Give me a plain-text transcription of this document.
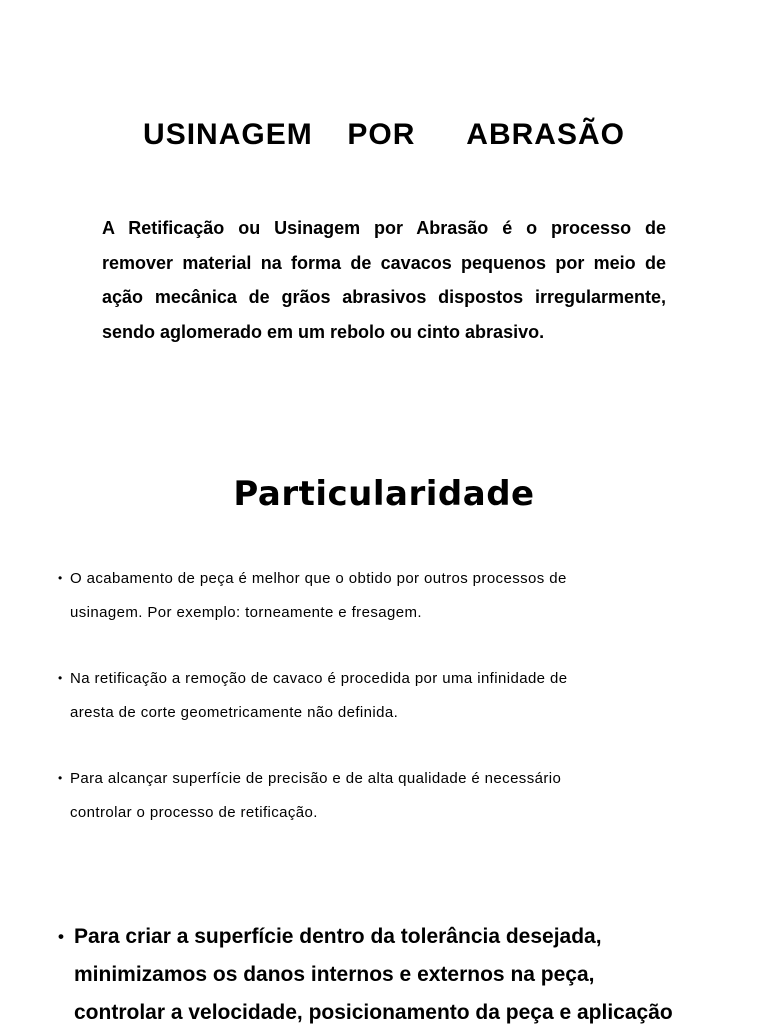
USINAGEM  POR   ABRASÃO
A Retificação ou Usinagem por Abrasão é o processo de
remover material na forma de cavacos pequenos por meio de
ação mecânica de grãos abrasivos dispostos irregularmente,
sendo aglomerado em um rebolo ou cinto abrasivo.
Particularidade
• O acabamento de peça é melhor que o obtido por outros processos de
usinagem. Por exemplo: torneamente e fresagem.
• Na retificação a remoção de cavaco é procedida por uma infinidade de
aresta de corte geometricamente não definida.
• Para alcançar superfície de precisão e de alta qualidade é necessário
controlar o processo de retificação.
• Para criar a superfície dentro da tolerância desejada,
minimizamos os danos internos e externos na peça,
controlar a velocidade, posicionamento da peça e aplicação
